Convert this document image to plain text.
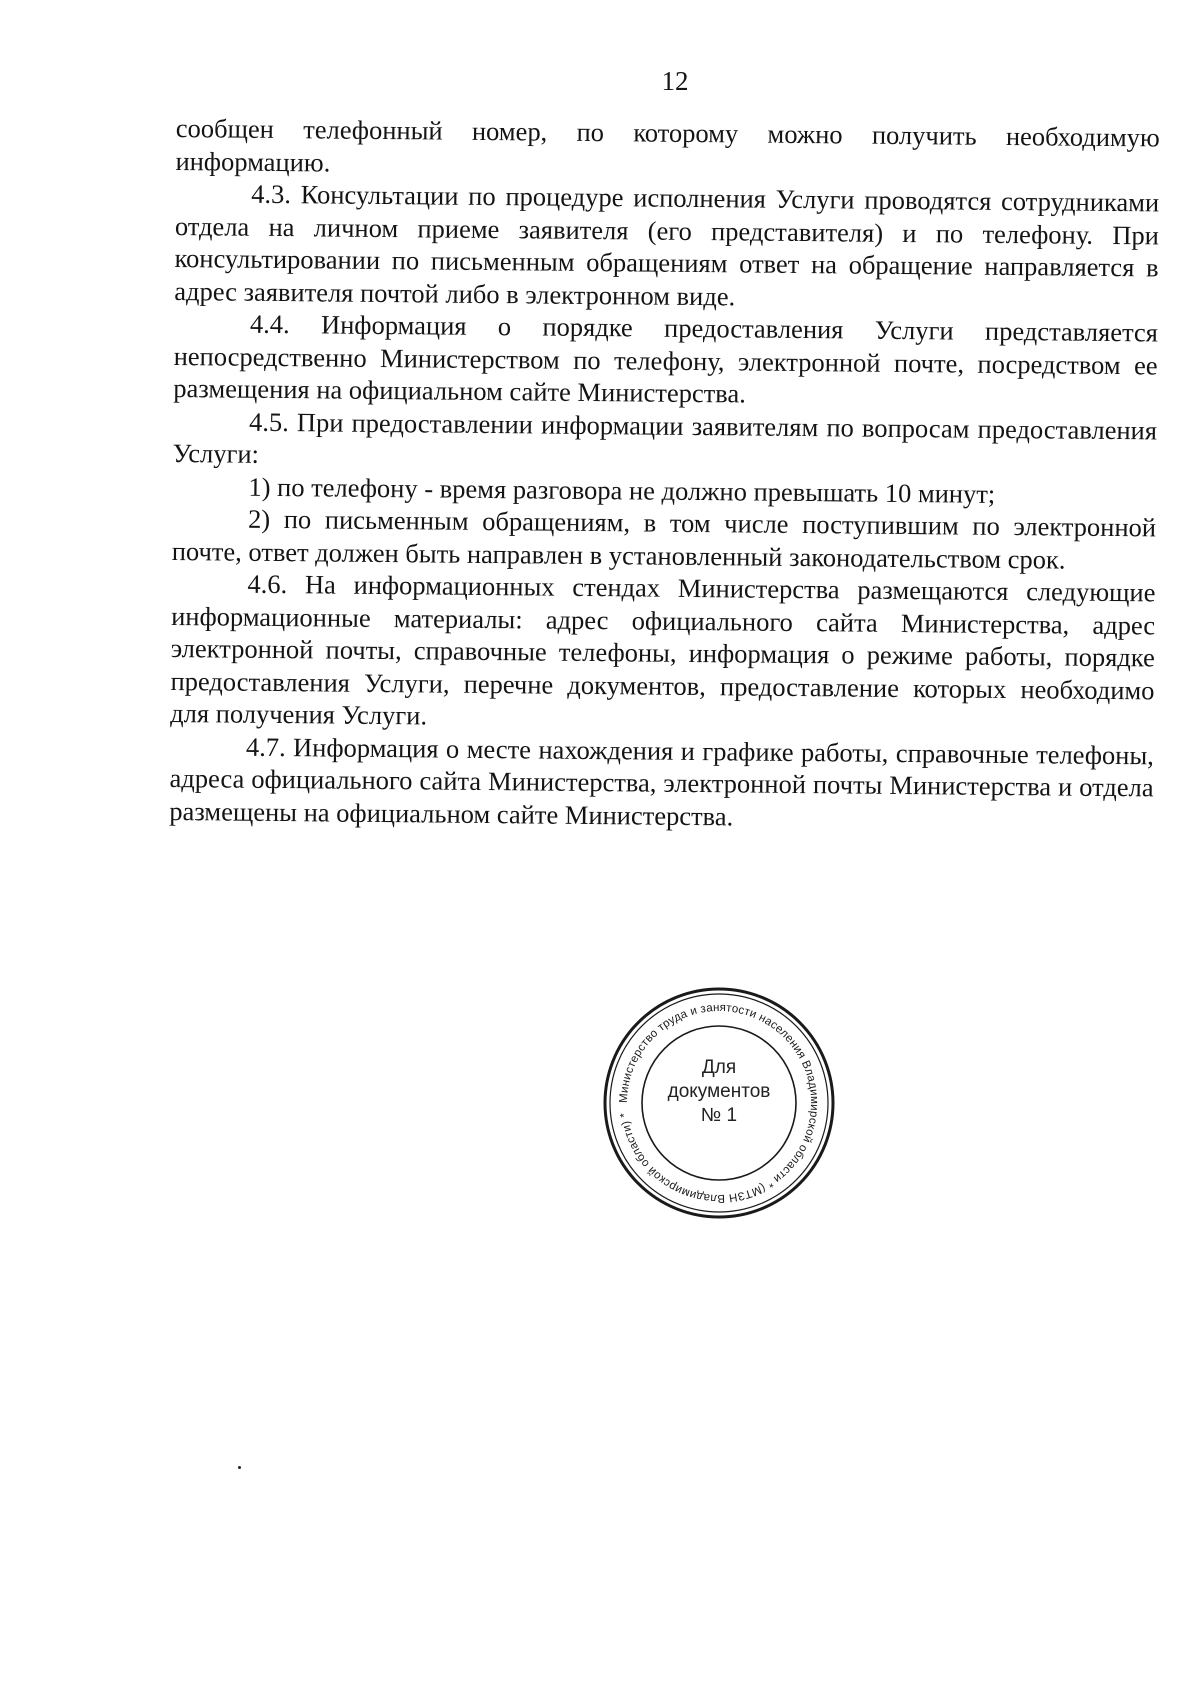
12

сообщен телефонный номер, по которому можно получить необходимую информацию.

4.3. Консультации по процедуре исполнения Услуги проводятся сотрудниками отдела на личном приеме заявителя (его представителя) и по телефону. При консультировании по письменным обращениям ответ на обращение направляется в адрес заявителя почтой либо в электронном виде.

4.4. Информация о порядке предоставления Услуги представляется непосредственно Министерством по телефону, электронной почте, посредством ее размещения на официальном сайте Министерства.

4.5. При предоставлении информации заявителям по вопросам предоставления Услуги:

1) по телефону - время разговора не должно превышать 10 минут;

2) по письменным обращениям, в том числе поступившим по электронной почте, ответ должен быть направлен в установленный законодательством срок.

4.6. На информационных стендах Министерства размещаются следующие информационные материалы: адрес официального сайта Министерства, адрес электронной почты, справочные телефоны, информация о режиме работы, порядке предоставления Услуги, перечне документов, предоставление которых необходимо для получения Услуги.

4.7. Информация о месте нахождения и графике работы, справочные телефоны, адреса официального сайта Министерства, электронной почты Министерства и отдела размещены на официальном сайте Министерства.

Министерство труда и занятости населения Владимирской области * (МТЗН Владимирской области) *
Для
документов
№ 1
